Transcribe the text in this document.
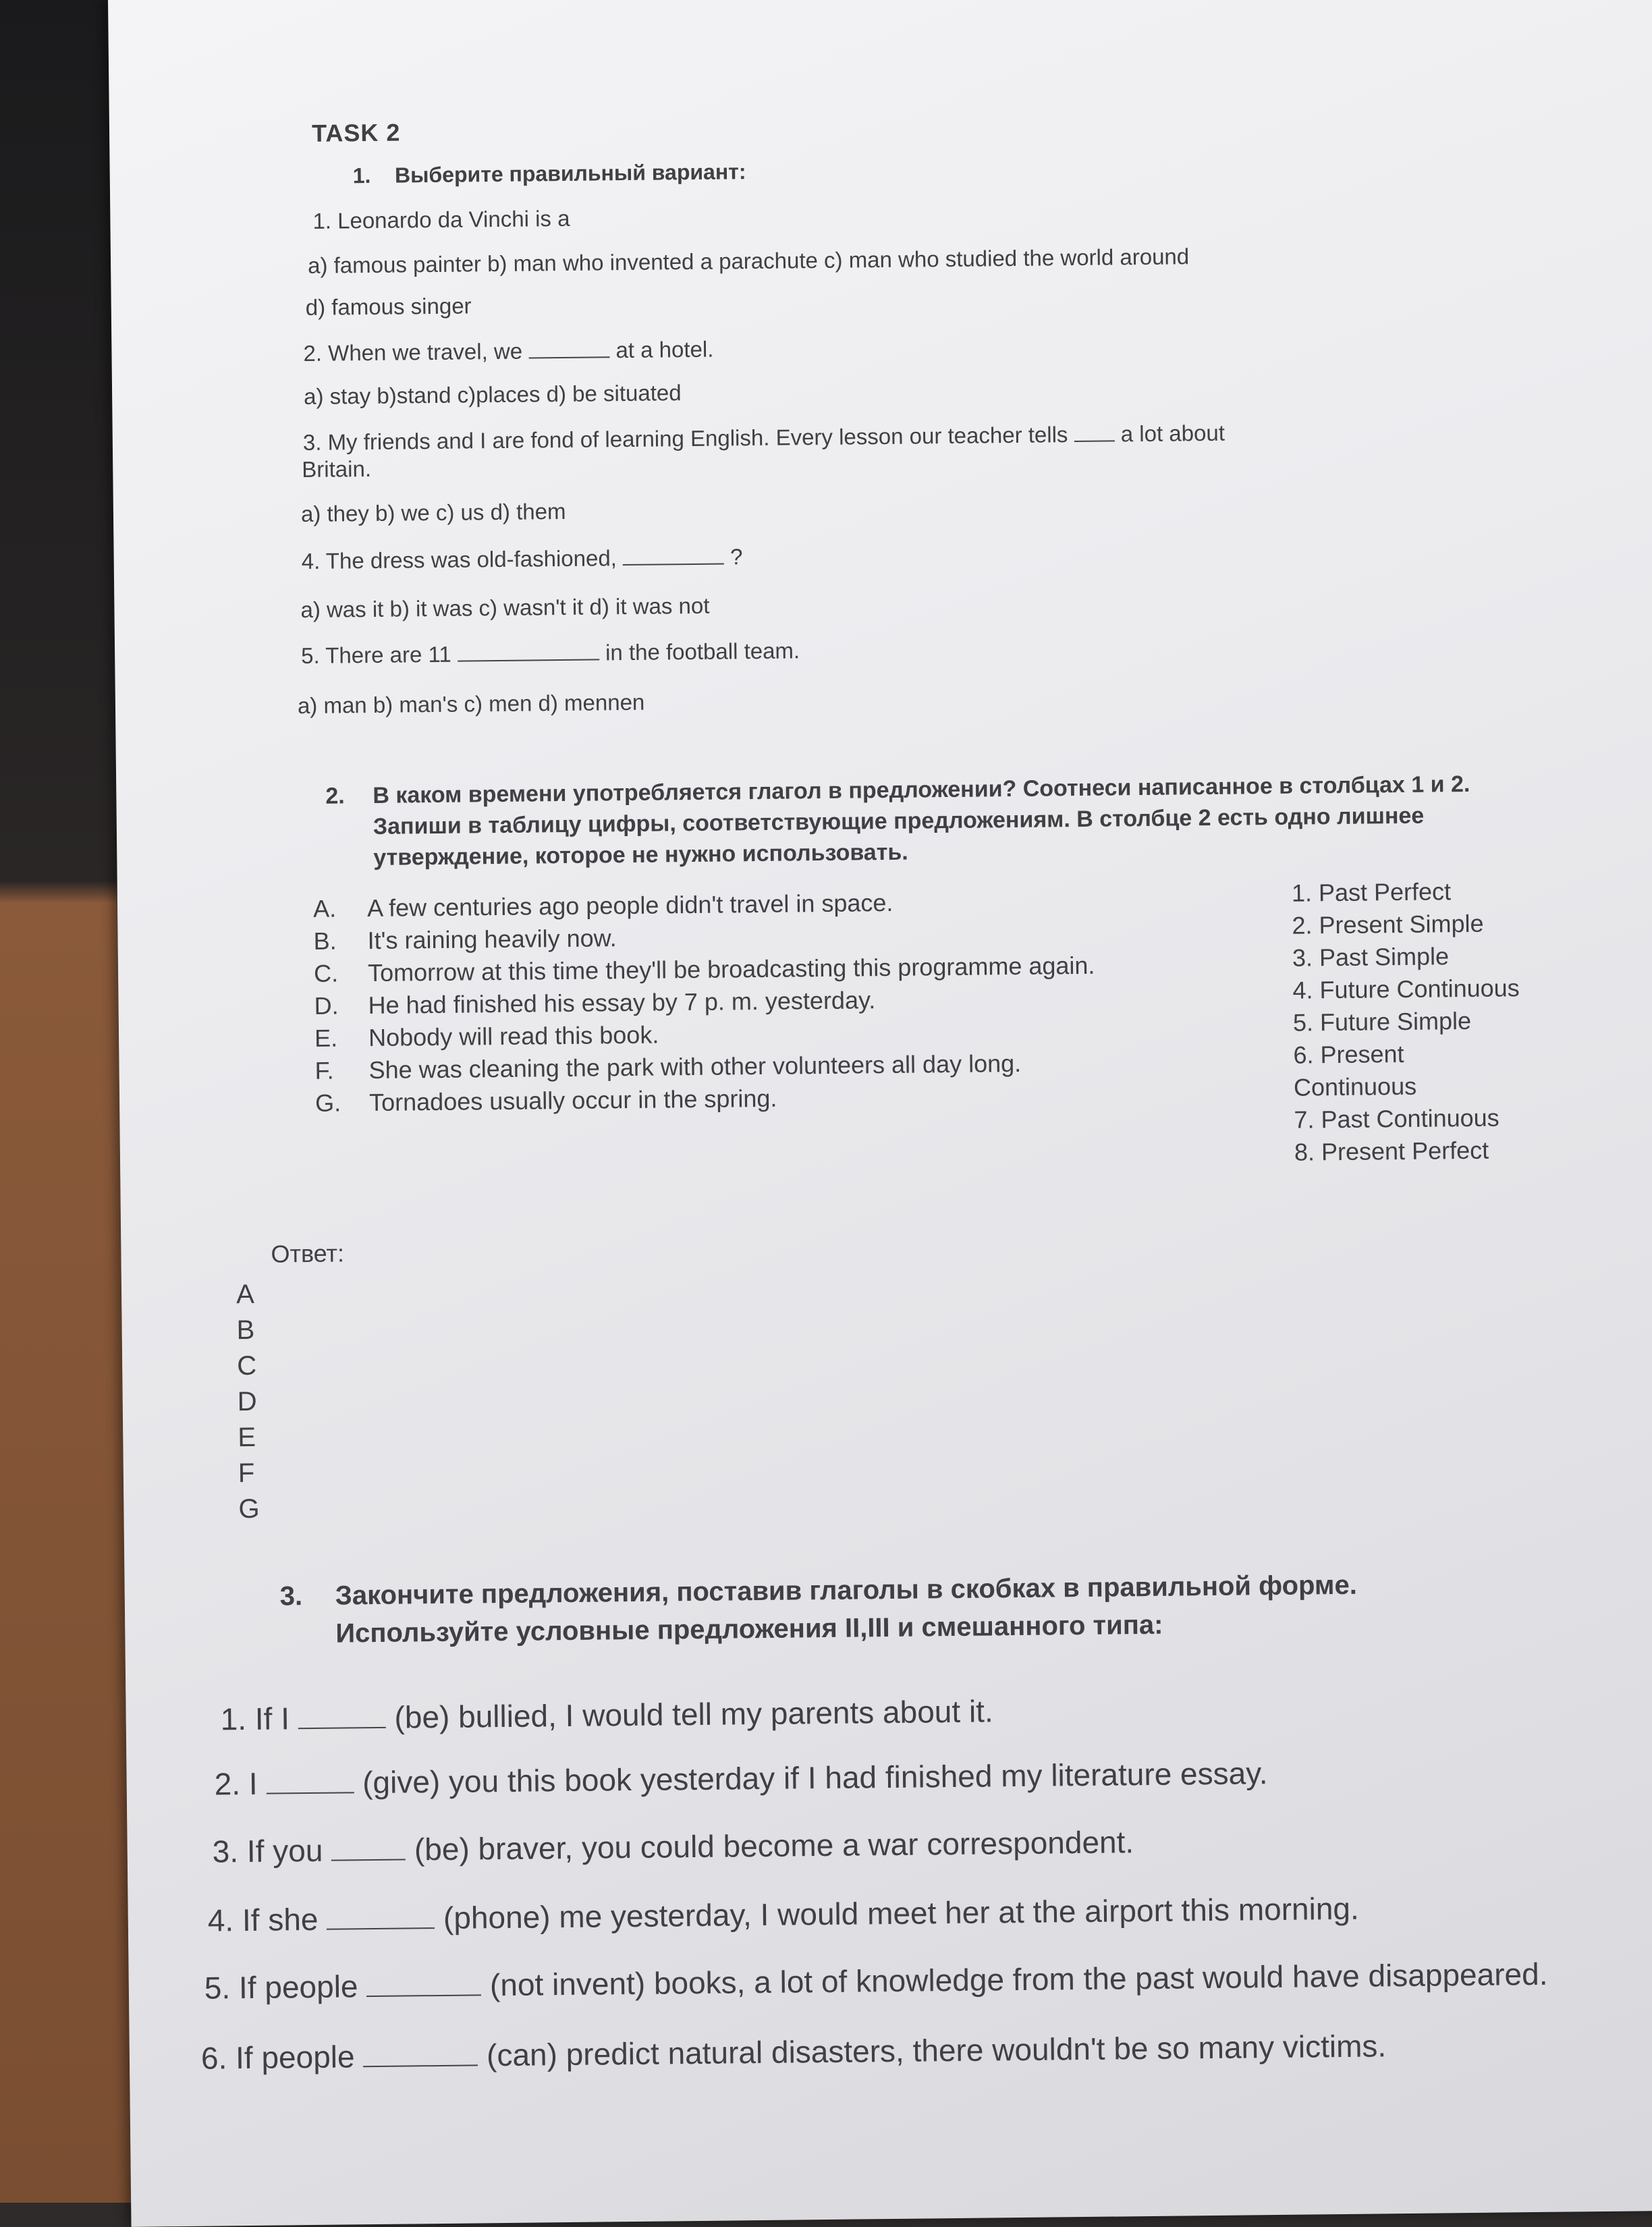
TASK 2
1. Выберите правильный вариант:
1. Leonardo da Vinchi is a
a) famous painter b) man who invented a parachute c) man who studied the world around
d) famous singer
2. When we travel, we	at a hotel.
a) stay b)stand c)places d) be situated
3. My friends and I are fond of learning English. Every lesson our teacher tells a lot about
Britain.
a) they b) we c) us d) them
4. The dress was old-fashioned,	?
a) was it b) it was c) wasn't it d) it was not
5. There are 11	in the football team.
a) man b) man's c) men d) mennen
2. В каком времени употребляется глагол в предложении? Соотнеси написанное в столбцах 1 и 2. Запиши в таблицу цифры, соответствующие предложениям. В столбце 2 есть одно лишнее утверждение, которое не нужно использовать.
A.	A few centuries ago people didn't travel in space.
B.	It's raining heavily now.
C.	Tomorrow at this time they'll be broadcasting this programme again.
D.	He had finished his essay by 7 p. m. yesterday.
E.	Nobody will read this book.
F.	She was cleaning the park with other volunteers all day long.
G.	Tornadoes usually occur in the spring.
1. Past Perfect
2. Present Simple
3. Past Simple
4. Future Continuous
5. Future Simple
6. Present
Continuous
7. Past Continuous
8. Present Perfect
Ответ:
A
B
C
D
E
F
G
3. Закончите предложения, поставив глаголы в скобках в правильной форме.
Используйте условные предложения II,III и смешанного типа:
1. If I	(be) bullied, I would tell my parents about it.
2. I	(give) you this book yesterday if I had finished my literature essay.
3. If you	(be) braver, you could become a war correspondent.
4. If she	(phone) me yesterday, I would meet her at the airport this morning.
5. If people	(not invent) books, a lot of knowledge from the past would have disappeared.
6. If people	(can) predict natural disasters, there wouldn't be so many victims.
